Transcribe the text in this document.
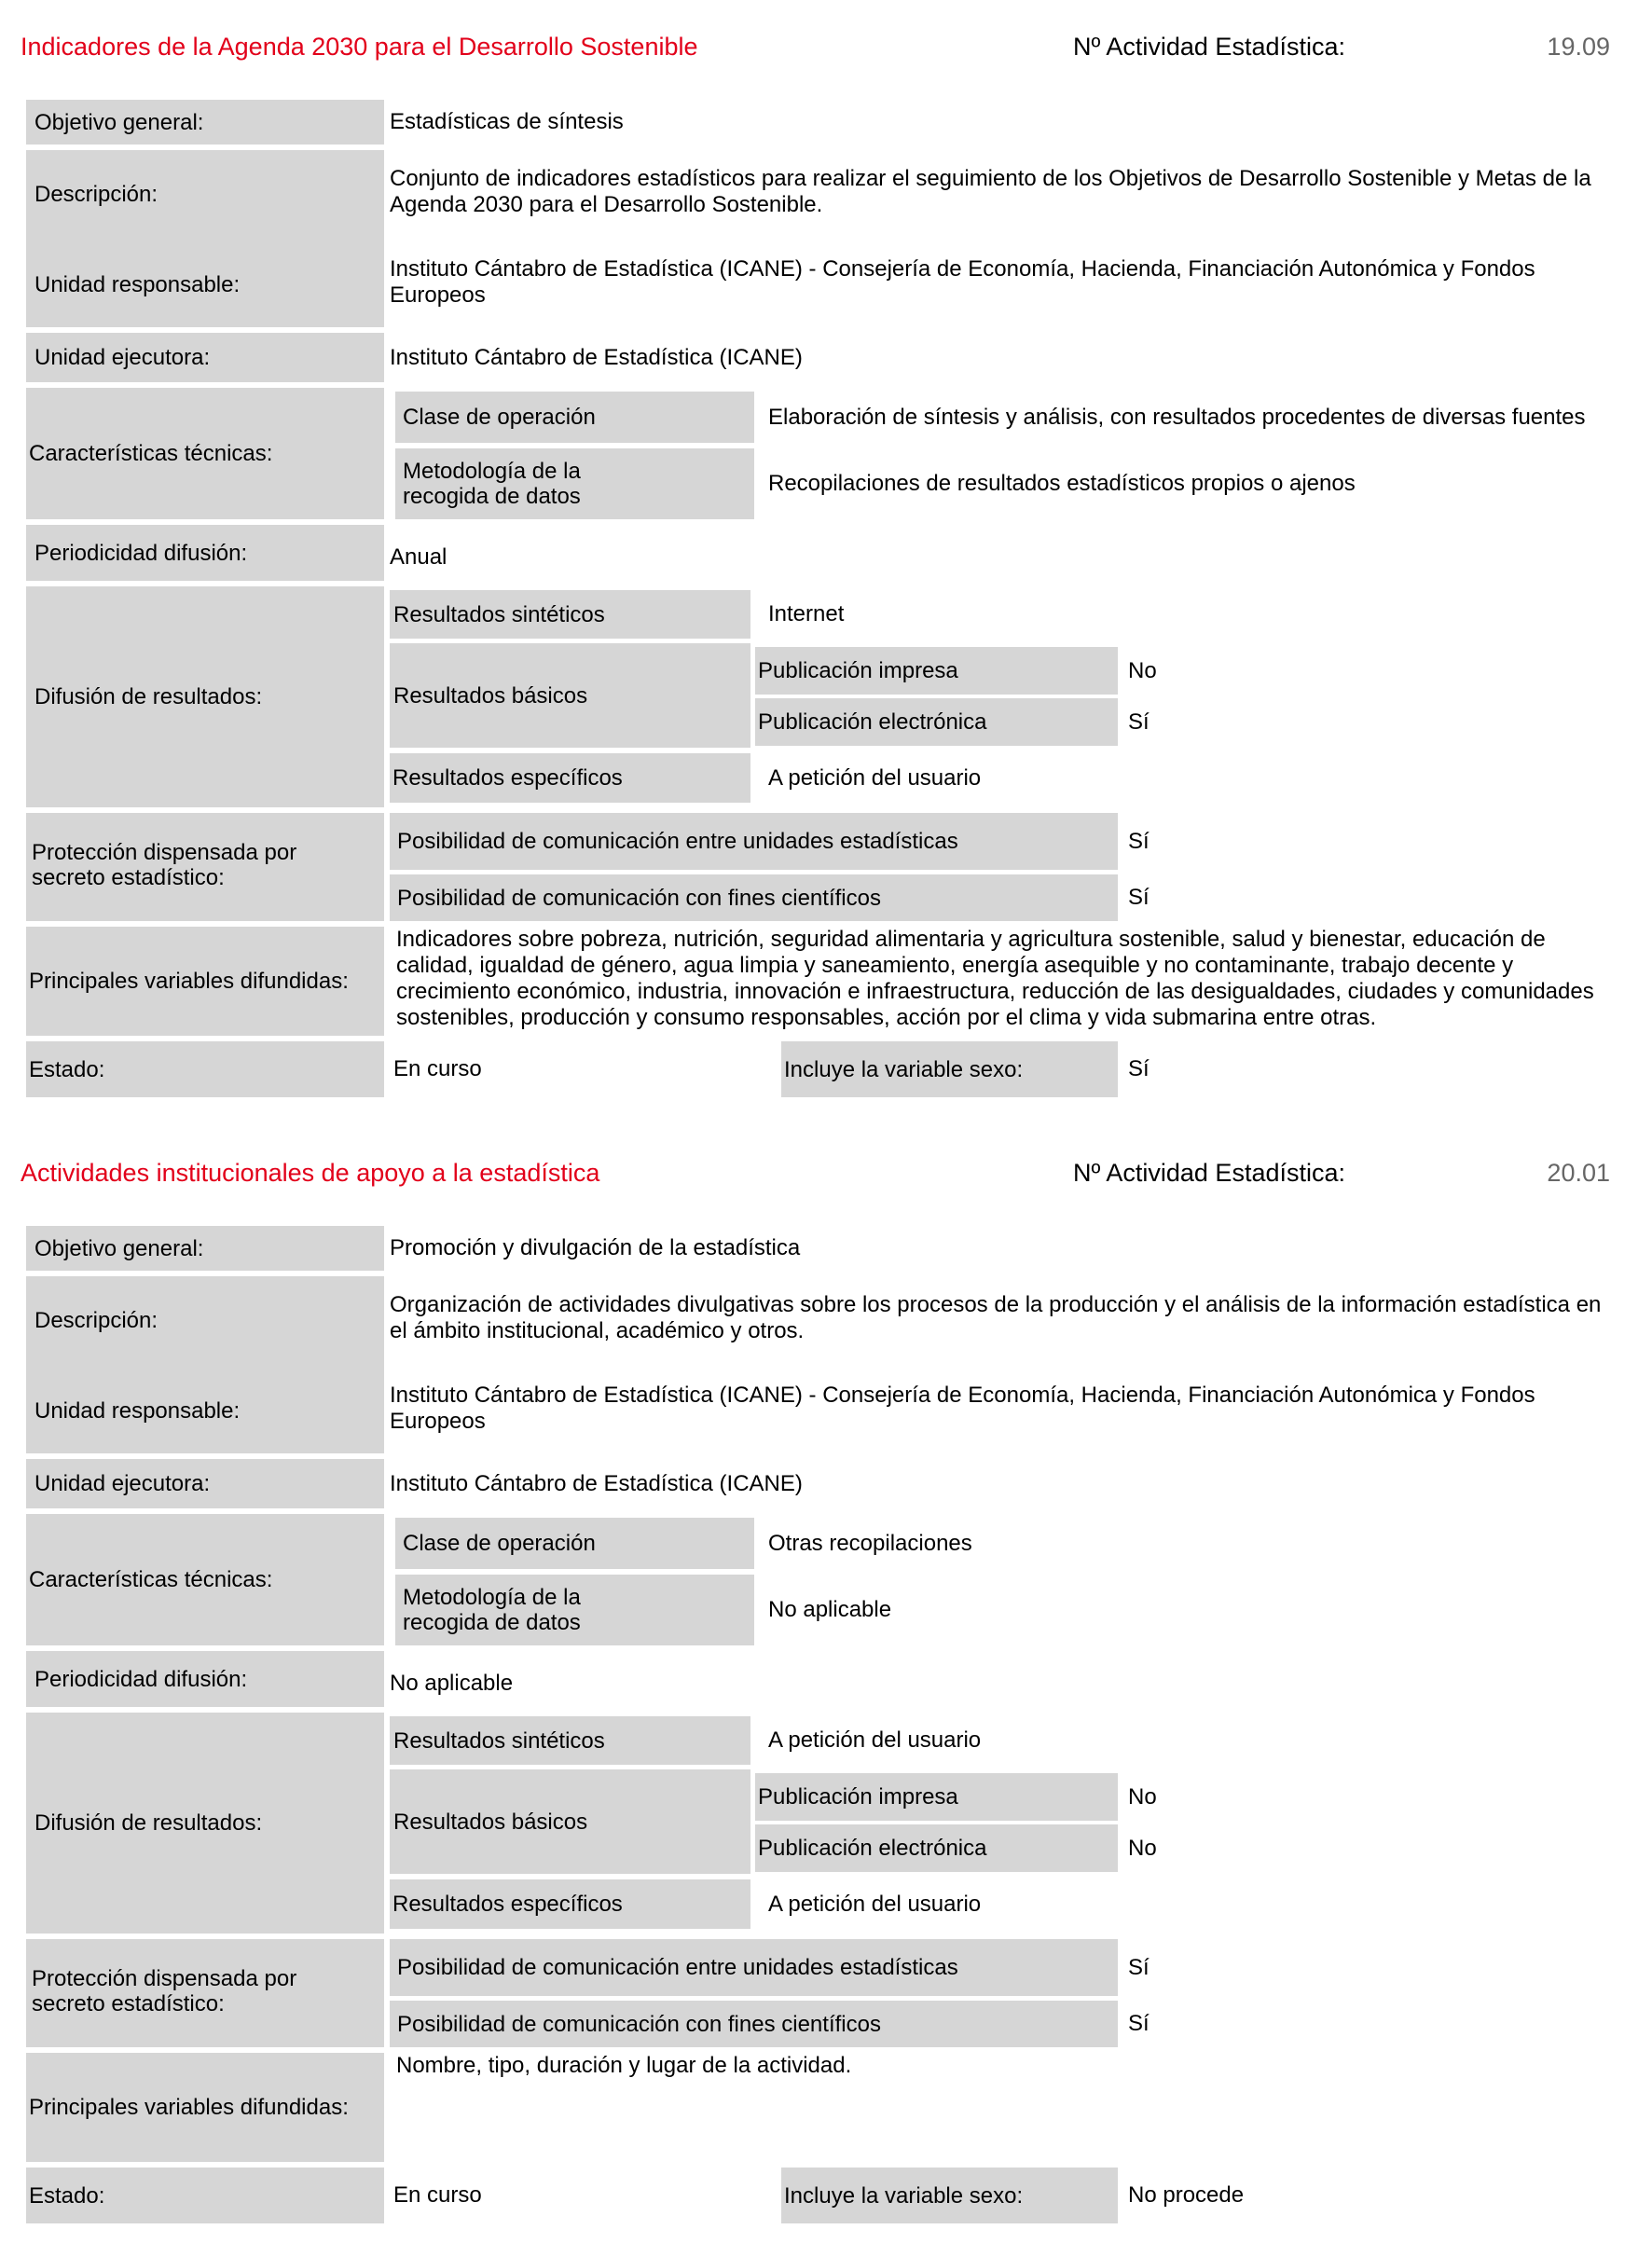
Indicadores de la Agenda 2030 para el Desarrollo Sostenible	Nº Actividad Estadística:	19.09
Objetivo general:	Estadísticas de síntesis
Descripción:
Conjunto de indicadores estadísticos para realizar el seguimiento de los Objetivos de Desarrollo Sostenible y Metas de la Agenda 2030 para el Desarrollo Sostenible.
Unidad responsable:
Instituto Cántabro de Estadística (ICANE) - Consejería de Economía, Hacienda, Financiación Autonómica y Fondos Europeos
Unidad ejecutora:	Instituto Cántabro de Estadística (ICANE)
Características técnicas:
Clase de operación	Elaboración de síntesis y análisis, con resultados procedentes de diversas fuentes
Metodología de la
recogida de datos
Recopilaciones de resultados estadísticos propios o ajenos
Periodicidad difusión:	Anual
Difusión de resultados:
Resultados sintéticos	Internet
Resultados básicos
Publicación impresa	No
Publicación electrónica	Sí
Resultados específicos	A petición del usuario
Protección dispensada por
secreto estadístico:
Posibilidad de comunicación entre unidades estadísticas	Sí
Posibilidad de comunicación con fines científicos	Sí
Principales variables difundidas:
Indicadores sobre pobreza, nutrición, seguridad alimentaria y agricultura sostenible, salud y bienestar, educación de calidad, igualdad de género, agua limpia y saneamiento, energía asequible y no contaminante, trabajo decente y crecimiento económico, industria, innovación e infraestructura, reducción de las desigualdades, ciudades y comunidades sostenibles, producción y consumo responsables, acción por el clima y vida submarina entre otras.
Estado:	En curso	Incluye la variable sexo:	Sí
Actividades institucionales de apoyo a la estadística	Nº Actividad Estadística:	20.01
Objetivo general:	Promoción y divulgación de la estadística
Descripción:
Organización de actividades divulgativas sobre los procesos de la producción y el análisis de la información estadística en el ámbito institucional, académico y otros.
Unidad responsable:
Instituto Cántabro de Estadística (ICANE) - Consejería de Economía, Hacienda, Financiación Autonómica y Fondos Europeos
Unidad ejecutora:	Instituto Cántabro de Estadística (ICANE)
Características técnicas:
Clase de operación	Otras recopilaciones
Metodología de la
recogida de datos
No aplicable
Periodicidad difusión:	No aplicable
Difusión de resultados:
Resultados sintéticos	A petición del usuario
Resultados básicos
Publicación impresa	No
Publicación electrónica	No
Resultados específicos	A petición del usuario
Protección dispensada por
secreto estadístico:
Posibilidad de comunicación entre unidades estadísticas	Sí
Posibilidad de comunicación con fines científicos	Sí
Principales variables difundidas:
Nombre, tipo, duración y lugar de la actividad.
Estado:	En curso	Incluye la variable sexo:	No procede
